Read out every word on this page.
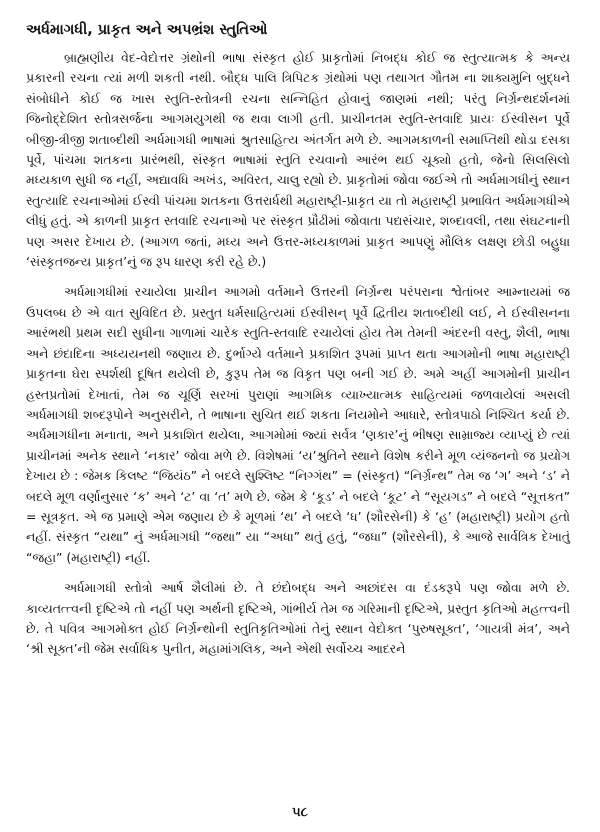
અર્ધમાગધી, પ્રાકૃત અને અપભ્રંશ સ્તુતિઓ

બ્રાહ્મણીય વેદ-વેદોત્તર ગ્રંથોની ભાષા સંસ્કૃત હોઈ પ્રાકૃતોમાં નિબદ્ધ કોઈ જ સ્તુત્યાત્મક કે અન્ય પ્રકારની રચના ત્યાં મળી શકતી નથી. બૌદ્ધ પાલિ ત્રિપિટક ગ્રંથોમાં પણ તથાગત ગૌતમ ના શાક્યમુનિ બુદ્ધને સંબોધીને કોઈ જ ખાસ સ્તુતિ-સ્તોત્રની રચના સન્નિહિત હોવાનું જાણમાં નથી; પરંતુ નિર્ગ્રન્થદર્શનમાં જિનોદ્દેશિત સ્તોત્રસર્જના આગમયુગથી જ થવા લાગી હતી. પ્રાચીનતમ સ્તુતિ-સ્તવાદિ પ્રાયઃ ઈસ્વીસન પૂર્વે બીજી-ત્રીજી શતાબ્દીથી અર્ધમાગધી ભાષામાં શ્રુતસાહિત્ય અંતર્ગત મળે છે. આગમકાળની સમાપ્તિથી થોડા દસકા પૂર્વે, પાંચમા શતકના પ્રારંભથી, સંસ્કૃત ભાષામાં સ્તુતિ રચવાનો આરંભ થઈ ચૂક્યો હતો, જેનો સિલસિલો મધ્યકાળ સુધી જ નહીં, અદ્યાવધિ અખંડ, અવિરત, ચાલુ રહ્યો છે. પ્રાકૃતોમાં જોવા જઈએ તો અર્ધમાગધીનું સ્થાન સ્તુત્યાદિ રચનાઓમાં ઈસ્વી પાંચમા શતકના ઉત્તરાર્ધથી મહારાષ્ટ્રી-પ્રાકૃત યા તો મહારાષ્ટ્રી પ્રભાવિત અર્ધમાગધીએ લીધું હતું. એ કાળની પ્રાકૃત સ્તવાદિ રચનાઓ પર સંસ્કૃત પ્રૌઢીમાં જોવાતા પદ્યસંચાર, શબ્દાવલી, તથા સંઘટનાની પણ અસર દેખાય છે. (આગળ જતાં, મધ્ય અને ઉત્તર-મધ્યકાળમાં પ્રાકૃત આપણું મૌલિક લક્ષણ છોડી બહુધા ‘સંસ્કૃતજન્ય પ્રાકૃત’નું જ રૂપ ધારણ કરી રહે છે.)

અર્ધમાગધીમાં રચાયેલા પ્રાચીન આગમો વર્તમાને ઉત્તરની નિર્ગ્રન્થ પરંપરાના શ્વેતાંબર આમ્નાયમાં જ ઉપલબ્ધ છે એ વાત સુવિદિત છે. પ્રસ્તુત ધર્મસાહિત્યમાં ઈસ્વીસન્ પૂર્વે દ્વિતીય શતાબ્દીથી લઈ, ને ઈસ્વીસનના આરંભથી પ્રથમ સદી સુધીના ગાળામાં ચારેક સ્તુતિ-સ્તવાદિ રચાયેલાં હોય તેમ તેમની અંદરની વસ્તુ, શૈલી, ભાષા અને છંદાદિના અધ્યયનથી જણાય છે. દુર્ભાગ્યે વર્તમાને પ્રકાશિત રૂપમાં પ્રાપ્ત થતા આગમોની ભાષા મહારાષ્ટ્રી પ્રાકૃતના ઘેરા સ્પર્શથી દૂષિત થયેલી છે, કુરૂપ તેમ જ વિકૃત પણ બની ગઈ છે. અમે અહીં આગમોની પ્રાચીન હસ્તપ્રતોમાં દેખાતાં, તેમ જ ચૂર્ણિ સરખાં પુરાણાં આગમિક વ્યાખ્યાત્મક સાહિત્યમાં જળવાયેલાં અસલી અર્ધમાગધી શબ્દરૂપોને અનુસરીને, તે ભાષાના સુચિત થઈ શકતા નિયમોને આધારે, સ્તોત્રપાઠો નિશ્ચિત કર્યા છે. અર્ધમાગધીના મનાતા, અને પ્રકાશિત થયેલા, આગમોમાં જ્યાં સર્વત્ર ‘ણકાર’નું ભીષણ સામ્રાજ્ય વ્યાપ્યું છે ત્યાં પ્રાચીનમાં અનેક સ્થાને ‘નકાર’ જોવા મળે છે. વિશેષમાં ‘ય’શ્રુતિને સ્થાને વિશેષ કરીને મૂળ વ્યંજનનો જ પ્રયોગ દેખાય છે : જેમક કિલષ્ટ “જિયંઠ” ને બદલે સુશ્લિષ્ટ “નિગ્ગંથ” = (સંસ્કૃત) “નિર્ગ્રન્થ” તેમ જ ‘ગ’ અને ‘ડ’ ને બદલે મૂળ વર્ણાનુસાર ‘ક’ અને ‘ટ’ વા ‘ત’ મળે છે. જેમ કે ‘કૂડ’ ને બદલે ‘કૂટ’ ને “સૂયગડ” ને બદલે “સૂત્તકત” = સૂત્રકૃત. એ જ પ્રમાણે એમ જણાય છે કે મૂળમાં ‘થ’ ને બદલે ‘ધ’ (શૌરસેની) કે ‘હ’ (મહારાષ્ટ્રી) પ્રયોગ હતો નહીં. સંસ્કૃત “યથા” નું અર્ધમાગધી “જથા” યા “અધા” થતું હતું, “જધા” (શૌરસેની), કે આજે સાર્વત્રિક દેખાતું “જહા” (મહારાષ્ટ્રી) નહીં.

અર્ધમાગધી સ્તોત્રો આર્ષ શૈલીમાં છે. તે છંદોબદ્ધ અને અછાંદસ વા દંડકરૂપે પણ જોવા મળે છે. કાવ્યતત્ત્વની દૃષ્ટિએ તો નહીં પણ અર્થની દૃષ્ટિએ, ગાંભીર્ય તેમ જ ગરિમાની દૃષ્ટિએ, પ્રસ્તુત કૃતિઓ મહત્ત્વની છે. તે પવિત્ર આગમોક્ત હોઈ નિર્ગ્રન્થોની સ્તુતિકૃતિઓમાં તેનું સ્થાન વેદોક્ત ‘પુરુષસૂક્ત’, ‘ગાયત્રી મંત્ર’, અને ‘શ્રી સૂક્ત’ની જેમ સર્વાધિક પુનીત, મહામાંગલિક, અને એથી સર્વોચ્ચ આદરને

૫૮
